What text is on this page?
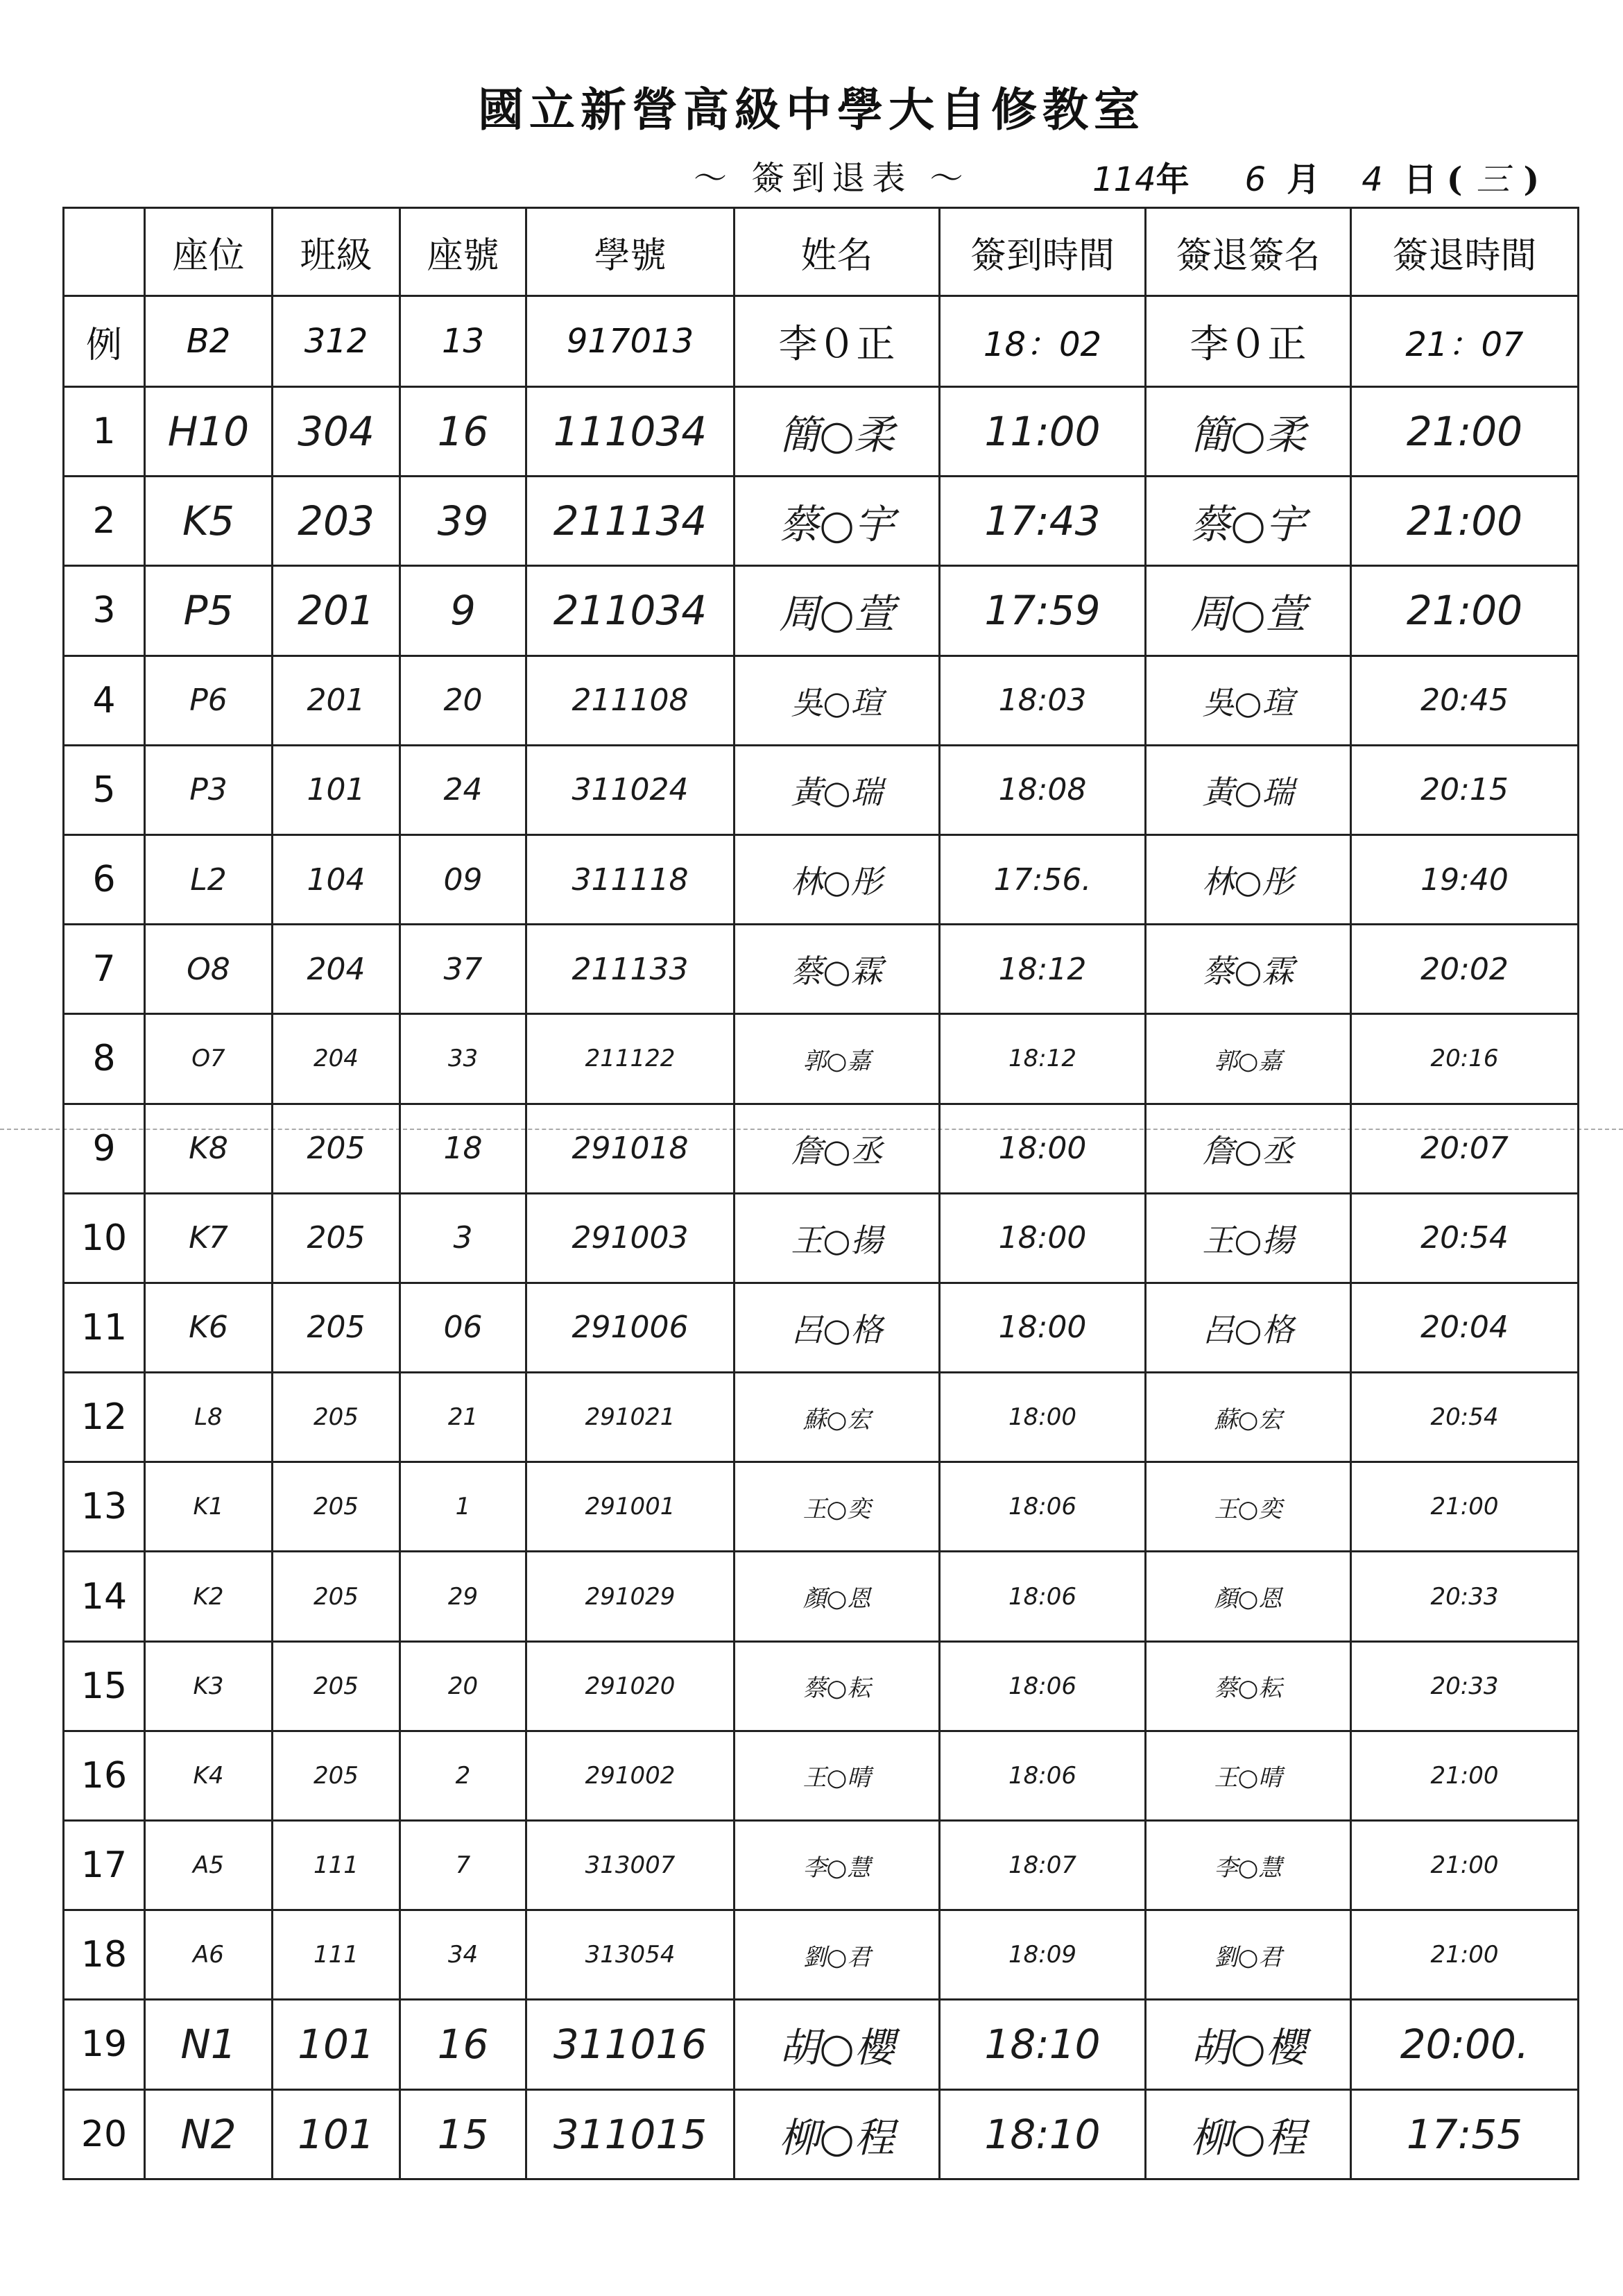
國立新營高級中學大自修教室
～ 簽到退表 ～	114 年 6 月 4 日 ( 三 )
	座位	班級	座號	學號	姓名	簽到時間	簽退簽名	簽退時間
例	B2	312	13	917013	李０正	18：02	李０正	21：07
1	H10	304	16	111034	簡○柔	11:00	簡○柔	21:00
2	K5	203	39	211134	蔡○宇	17:43	蔡○宇	21:00
3	P5	201	9	211034	周○萱	17:59	周○萱	21:00
4	P6	201	20	211108	吳○瑄	18:03	吳○瑄	20:45
5	P3	101	24	311024	黃○瑞	18:08	黃○瑞	20:15
6	L2	104	09	311118	林○彤	17:56.	林○彤	19:40
7	O8	204	37	211133	蔡○霖	18:12	蔡○霖	20:02
8	O7	204	33	211122	郭○嘉	18:12	郭○嘉	20:16
9	K8	205	18	291018	詹○丞	18:00	詹○丞	20:07
10	K7	205	3	291003	王○揚	18:00	王○揚	20:54
11	K6	205	06	291006	呂○格	18:00	呂○格	20:04
12	L8	205	21	291021	蘇○宏	18:00	蘇○宏	20:54
13	K1	205	1	291001	王○奕	18:06	王○奕	21:00
14	K2	205	29	291029	顏○恩	18:06	顏○恩	20:33
15	K3	205	20	291020	蔡○耘	18:06	蔡○耘	20:33
16	K4	205	2	291002	王○晴	18:06	王○晴	21:00
17	A5	111	7	313007	李○慧	18:07	李○慧	21:00
18	A6	111	34	313054	劉○君	18:09	劉○君	21:00
19	N1	101	16	311016	胡○櫻	18:10	胡○櫻	20:00.
20	N2	101	15	311015	柳○程	18:10	柳○程	17:55
